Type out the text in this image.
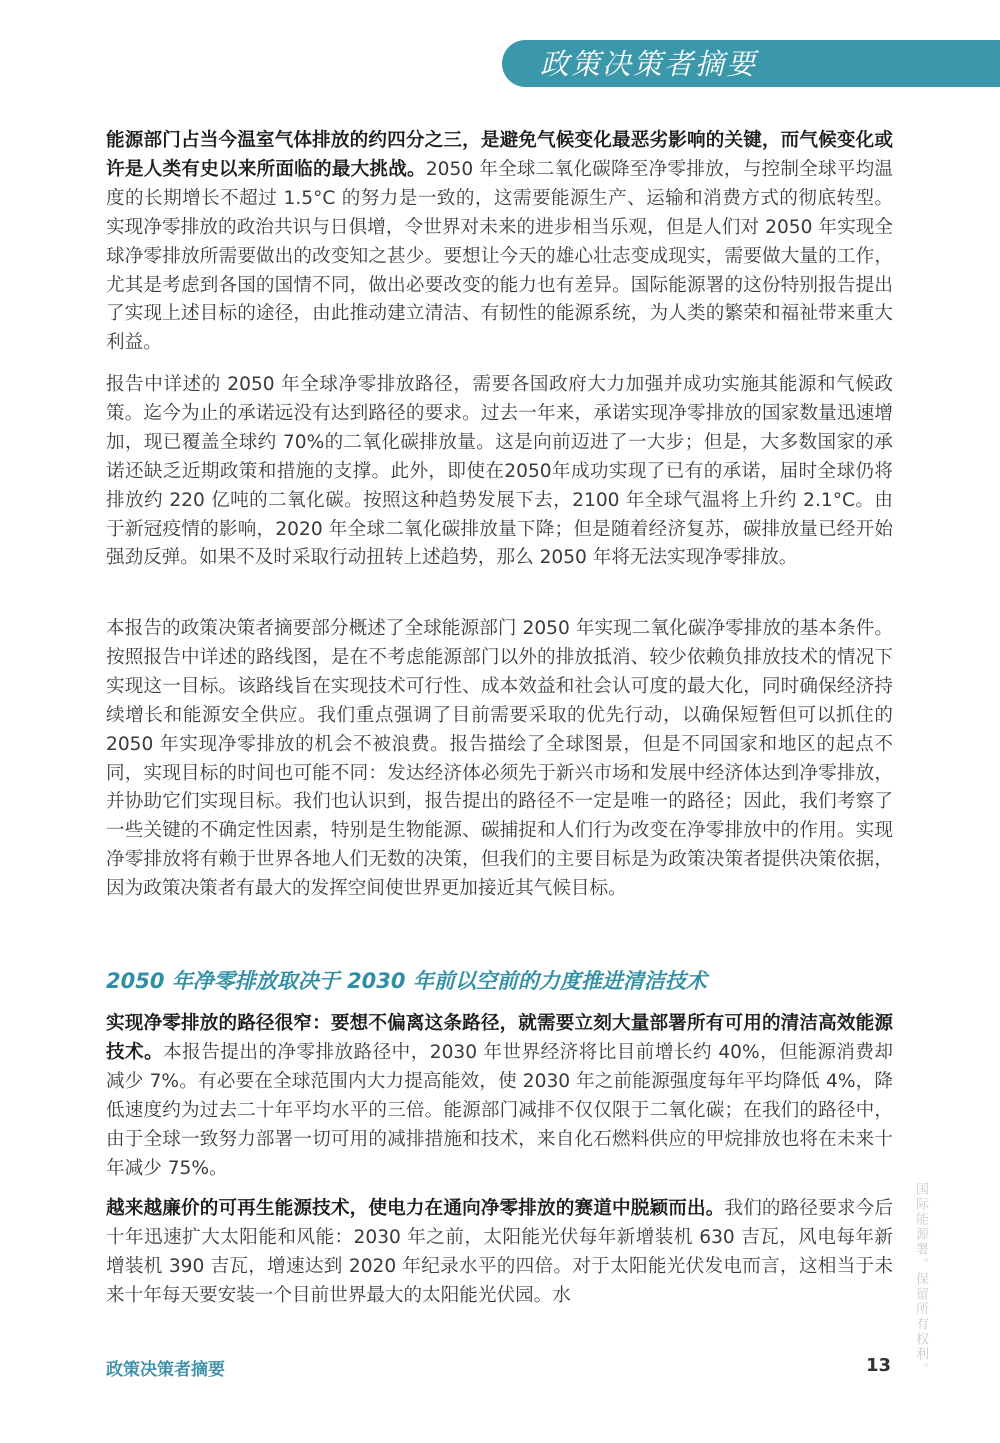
政策决策者摘要

能源部门占当今温室气体排放的约四分之三，是避免气候变化最恶劣影响的关键，而气候变化或许是人类有史以来所面临的最大挑战。2050 年全球二氧化碳降至净零排放，与控制全球平均温度的长期增长不超过 1.5°C 的努力是一致的，这需要能源生产、运输和消费方式的彻底转型。实现净零排放的政治共识与日俱增，令世界对未来的进步相当乐观，但是人们对 2050 年实现全球净零排放所需要做出的改变知之甚少。要想让今天的雄心壮志变成现实，需要做大量的工作，尤其是考虑到各国的国情不同，做出必要改变的能力也有差异。国际能源署的这份特别报告提出了实现上述目标的途径，由此推动建立清洁、有韧性的能源系统，为人类的繁荣和福祉带来重大利益。

报告中详述的 2050 年全球净零排放路径，需要各国政府大力加强并成功实施其能源和气候政策。迄今为止的承诺远没有达到路径的要求。过去一年来，承诺实现净零排放的国家数量迅速增加，现已覆盖全球约 70%的二氧化碳排放量。这是向前迈进了一大步；但是，大多数国家的承诺还缺乏近期政策和措施的支撑。此外，即使在2050年成功实现了已有的承诺，届时全球仍将排放约 220 亿吨的二氧化碳。按照这种趋势发展下去，2100 年全球气温将上升约 2.1°C。由于新冠疫情的影响，2020 年全球二氧化碳排放量下降；但是随着经济复苏，碳排放量已经开始强劲反弹。如果不及时采取行动扭转上述趋势，那么 2050 年将无法实现净零排放。

本报告的政策决策者摘要部分概述了全球能源部门 2050 年实现二氧化碳净零排放的基本条件。按照报告中详述的路线图，是在不考虑能源部门以外的排放抵消、较少依赖负排放技术的情况下实现这一目标。该路线旨在实现技术可行性、成本效益和社会认可度的最大化，同时确保经济持续增长和能源安全供应。我们重点强调了目前需要采取的优先行动，以确保短暂但可以抓住的 2050 年实现净零排放的机会不被浪费。报告描绘了全球图景，但是不同国家和地区的起点不同，实现目标的时间也可能不同：发达经济体必须先于新兴市场和发展中经济体达到净零排放，并协助它们实现目标。我们也认识到，报告提出的路径不一定是唯一的路径；因此，我们考察了一些关键的不确定性因素，特别是生物能源、碳捕捉和人们行为改变在净零排放中的作用。实现净零排放将有赖于世界各地人们无数的决策，但我们的主要目标是为政策决策者提供决策依据，因为政策决策者有最大的发挥空间使世界更加接近其气候目标。

2050 年净零排放取决于 2030 年前以空前的力度推进清洁技术

实现净零排放的路径很窄：要想不偏离这条路径，就需要立刻大量部署所有可用的清洁高效能源技术。本报告提出的净零排放路径中，2030 年世界经济将比目前增长约 40%，但能源消费却减少 7%。有必要在全球范围内大力提高能效，使 2030 年之前能源强度每年平均降低 4%，降低速度约为过去二十年平均水平的三倍。能源部门减排不仅仅限于二氧化碳；在我们的路径中，由于全球一致努力部署一切可用的减排措施和技术，来自化石燃料供应的甲烷排放也将在未来十年减少 75%。

越来越廉价的可再生能源技术，使电力在通向净零排放的赛道中脱颖而出。我们的路径要求今后十年迅速扩大太阳能和风能：2030 年之前，太阳能光伏每年新增装机 630 吉瓦，风电每年新增装机 390 吉瓦，增速达到 2020 年纪录水平的四倍。对于太阳能光伏发电而言，这相当于未来十年每天要安装一个目前世界最大的太阳能光伏园。水	国际能源署。保留所有权利。
政策决策者摘要	13
